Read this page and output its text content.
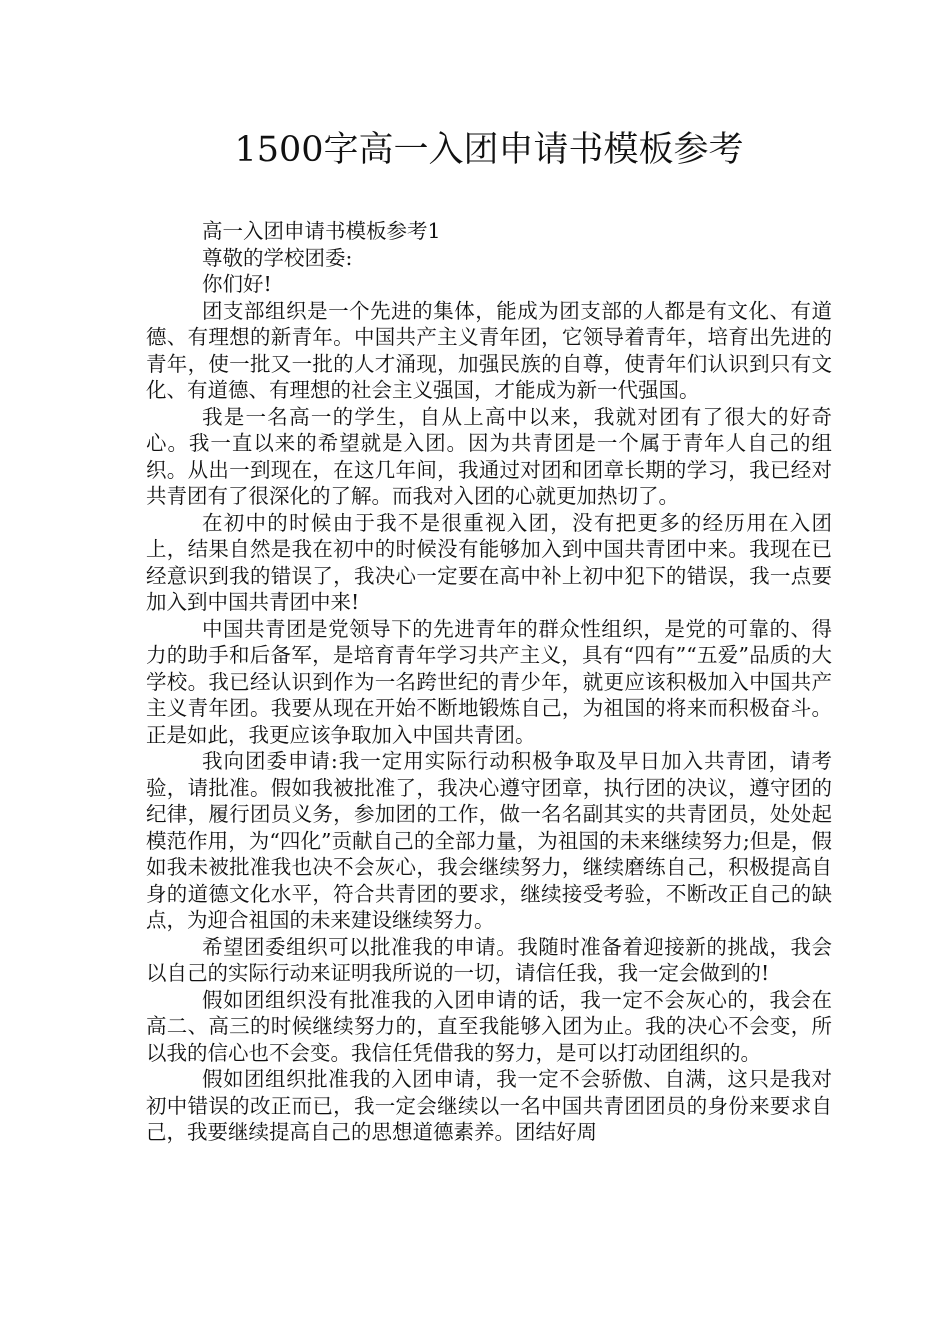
1500字高一入团申请书模板参考
高一入团申请书模板参考1
尊敬的学校团委:
你们好!

团支部组织是一个先进的集体，能成为团支部的人都是有文化、有道德、有理想的新青年。中国共产主义青年团，它领导着青年，培育出先进的青年，使一批又一批的人才涌现，加强民族的自尊，使青年们认识到只有文化、有道德、有理想的社会主义强国，才能成为新一代强国。

我是一名高一的学生，自从上高中以来，我就对团有了很大的好奇心。我一直以来的希望就是入团。因为共青团是一个属于青年人自己的组织。从出一到现在，在这几年间，我通过对团和团章长期的学习，我已经对共青团有了很深化的了解。而我对入团的心就更加热切了。

在初中的时候由于我不是很重视入团，没有把更多的经历用在入团上，结果自然是我在初中的时候没有能够加入到中国共青团中来。我现在已经意识到我的错误了，我决心一定要在高中补上初中犯下的错误，我一点要加入到中国共青团中来!

中国共青团是党领导下的先进青年的群众性组织，是党的可靠的、得力的助手和后备军，是培育青年学习共产主义，具有“四有”“五爱”品质的大学校。我已经认识到作为一名跨世纪的青少年，就更应该积极加入中国共产主义青年团。我要从现在开始不断地锻炼自己，为祖国的将来而积极奋斗。正是如此，我更应该争取加入中国共青团。

我向团委申请:我一定用实际行动积极争取及早日加入共青团，请考验，请批准。假如我被批准了，我决心遵守团章，执行团的决议，遵守团的纪律，履行团员义务，参加团的工作，做一名名副其实的共青团员，处处起模范作用，为“四化”贡献自己的全部力量，为祖国的未来继续努力;但是，假如我未被批准我也决不会灰心，我会继续努力，继续磨练自己，积极提高自身的道德文化水平，符合共青团的要求，继续接受考验，不断改正自己的缺点，为迎合祖国的未来建设继续努力。

希望团委组织可以批准我的申请。我随时准备着迎接新的挑战，我会以自己的实际行动来证明我所说的一切，请信任我，我一定会做到的!

假如团组织没有批准我的入团申请的话，我一定不会灰心的，我会在高二、高三的时候继续努力的，直至我能够入团为止。我的决心不会变，所以我的信心也不会变。我信任凭借我的努力，是可以打动团组织的。

假如团组织批准我的入团申请，我一定不会骄傲、自满，这只是我对初中错误的改正而已，我一定会继续以一名中国共青团团员的身份来要求自己，我要继续提高自己的思想道德素养。团结好周
